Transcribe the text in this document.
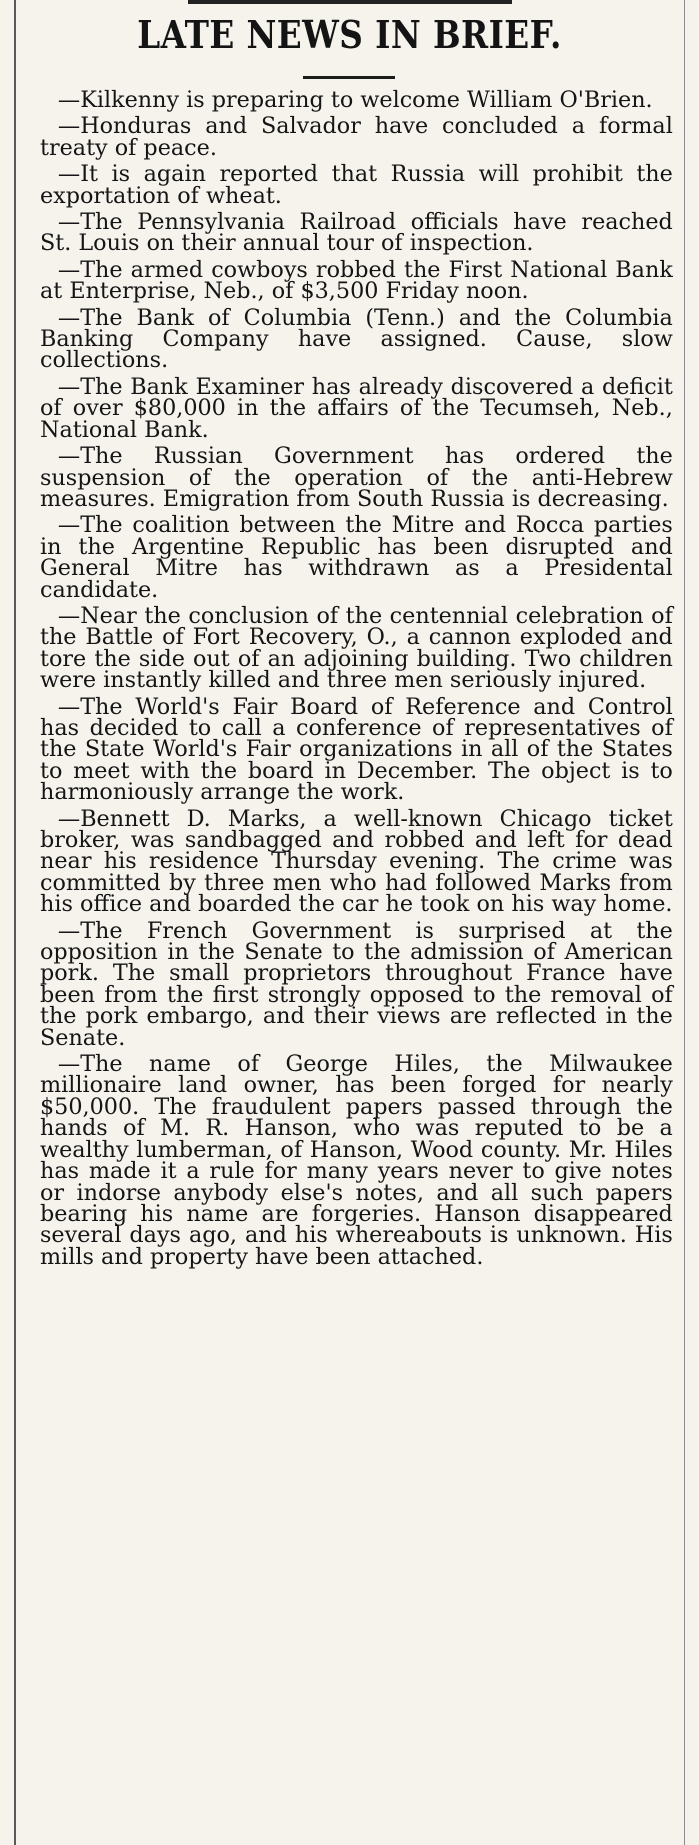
LATE NEWS IN BRIEF.

—Kilkenny is preparing to welcome William O'Brien.

—Honduras and Salvador have concluded a formal treaty of peace.

—It is again reported that Russia will prohibit the exportation of wheat.

—The Pennsylvania Railroad officials have reached St. Louis on their annual tour of inspection.

—The armed cowboys robbed the First National Bank at Enterprise, Neb., of $3,500 Friday noon.

—The Bank of Columbia (Tenn.) and the Columbia Banking Company have assigned. Cause, slow collections.

—The Bank Examiner has already discovered a deficit of over $80,000 in the affairs of the Tecumseh, Neb., National Bank.

—The Russian Government has ordered the suspension of the operation of the anti-Hebrew measures. Emigration from South Russia is decreasing.

—The coalition between the Mitre and Rocca parties in the Argentine Republic has been disrupted and General Mitre has withdrawn as a Presidental candidate.

—Near the conclusion of the centennial celebration of the Battle of Fort Recovery, O., a cannon exploded and tore the side out of an adjoining building. Two children were instantly killed and three men seriously injured.

—The World's Fair Board of Reference and Control has decided to call a conference of representatives of the State World's Fair organizations in all of the States to meet with the board in December. The object is to harmoniously arrange the work.

—Bennett D. Marks, a well-known Chicago ticket broker, was sandbagged and robbed and left for dead near his residence Thursday evening. The crime was committed by three men who had followed Marks from his office and boarded the car he took on his way home.

—The French Government is surprised at the opposition in the Senate to the admission of American pork. The small proprietors throughout France have been from the first strongly opposed to the removal of the pork embargo, and their views are reflected in the Senate.

—The name of George Hiles, the Milwaukee millionaire land owner, has been forged for nearly $50,000. The fraudulent papers passed through the hands of M. R. Hanson, who was reputed to be a wealthy lumberman, of Hanson, Wood county. Mr. Hiles has made it a rule for many years never to give notes or indorse anybody else's notes, and all such papers bearing his name are forgeries. Hanson disappeared several days ago, and his whereabouts is unknown. His mills and property have been attached.
